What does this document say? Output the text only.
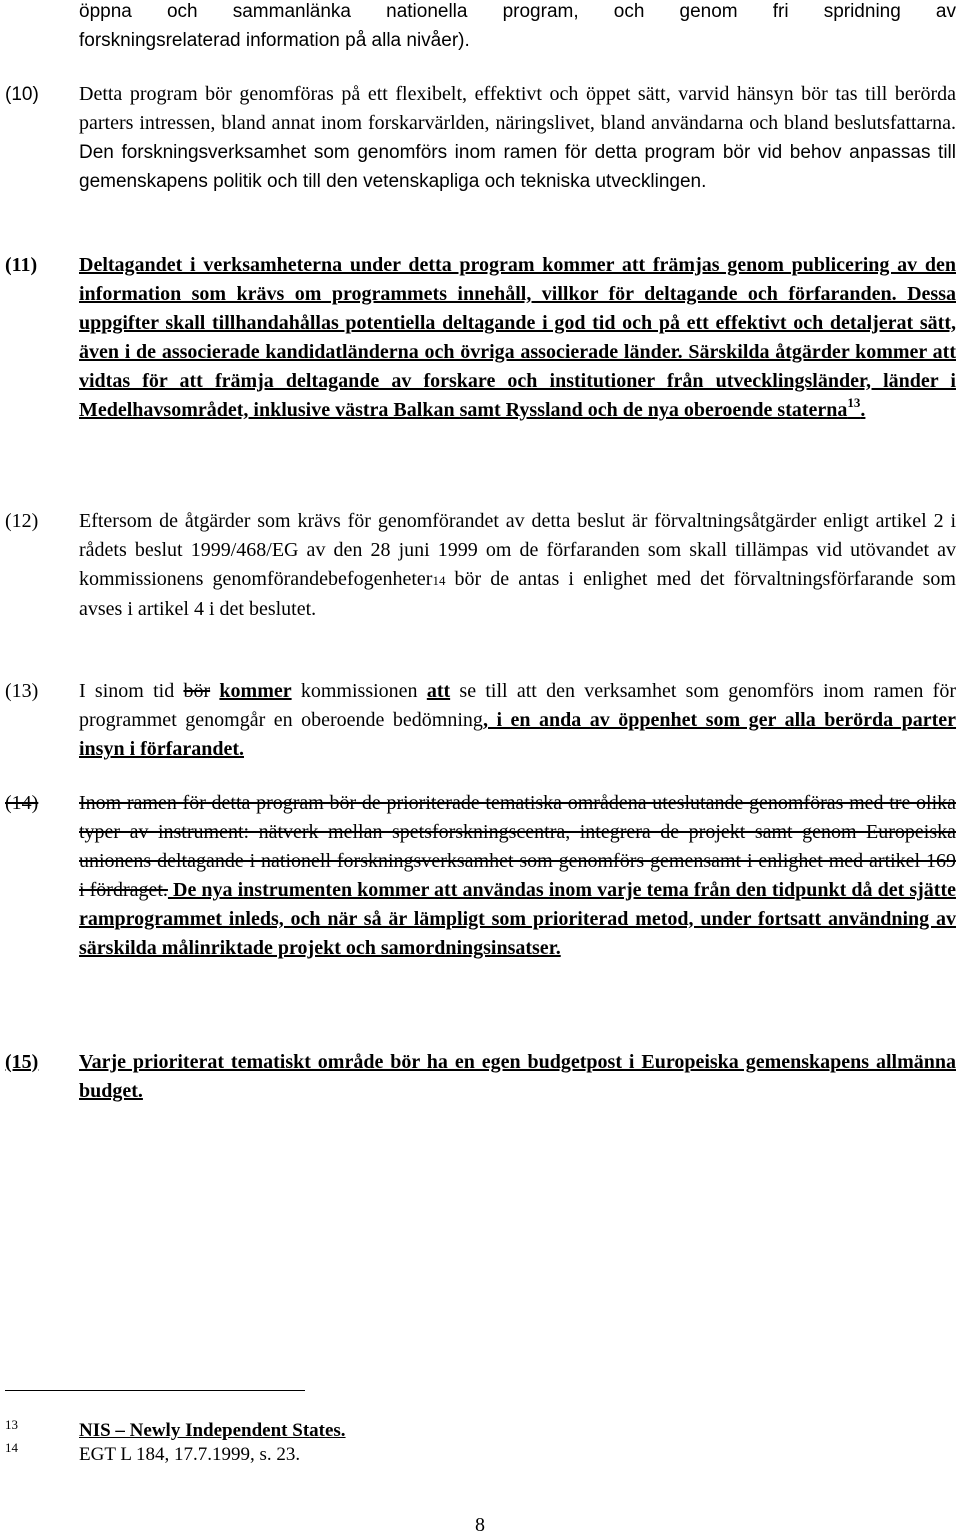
öppna och sammanlänka nationella program, och genom fri spridning av
forskningsrelaterad information på alla nivåer).
(10) Detta program bör genomföras på ett flexibelt, effektivt och öppet sätt, varvid hänsyn bör tas till berörda parters intressen, bland annat inom forskarvärlden, näringslivet, bland användarna och bland beslutsfattarna. Den forskningsverksamhet som genomförs inom ramen för detta program bör vid behov anpassas till gemenskapens politik och till den vetenskapliga och tekniska utvecklingen.
(11) Deltagandet i verksamheterna under detta program kommer att främjas genom publicering av den information som krävs om programmets innehåll, villkor för deltagande och förfaranden. Dessa uppgifter skall tillhandahållas potentiella deltagande i god tid och på ett effektivt och detaljerat sätt, även i de associerade kandidatländerna och övriga associerade länder. Särskilda åtgärder kommer att vidtas för att främja deltagande av forskare och institutioner från utvecklingsländer, länder i Medelhavsområdet, inklusive västra Balkan samt Ryssland och de nya oberoende staterna$^{13}$.
(12) Eftersom de åtgärder som krävs för genomförandet av detta beslut är förvaltningsåtgärder enligt artikel 2 i rådets beslut 1999/468/EG av den 28 juni 1999 om de förfaranden som skall tillämpas vid utövandet av kommissionens genomförandebefogenheter14 bör de antas i enlighet med det förvaltningsförfarande som avses i artikel 4 i det beslutet.
(13) I sinom tid bör kommer kommissionen att se till att den verksamhet som genomförs inom ramen för programmet genomgår en oberoende bedömning, i en anda av öppenhet som ger alla berörda parter insyn i förfarandet.
(14) Inom ramen för detta program bör de prioriterade tematiska områdena uteslutande genomföras med tre olika typer av instrument: nätverk mellan spetsforskningscentra, integrera de projekt samt genom Europeiska unionens deltagande i nationell forskningsverksamhet som genomförs gemensamt i enlighet med artikel 169 i fördraget. De nya instrumenten kommer att användas inom varje tema från den tidpunkt då det sjätte ramprogrammet inleds, och när så är lämpligt som prioriterad metod, under fortsatt användning av särskilda målinriktade projekt och samordningsinsatser.
(15) Varje prioriterat tematiskt område bör ha en egen budgetpost i Europeiska gemenskapens allmänna budget.
13	NIS – Newly Independent States.
14	EGT L 184, 17.7.1999, s. 23.
8
